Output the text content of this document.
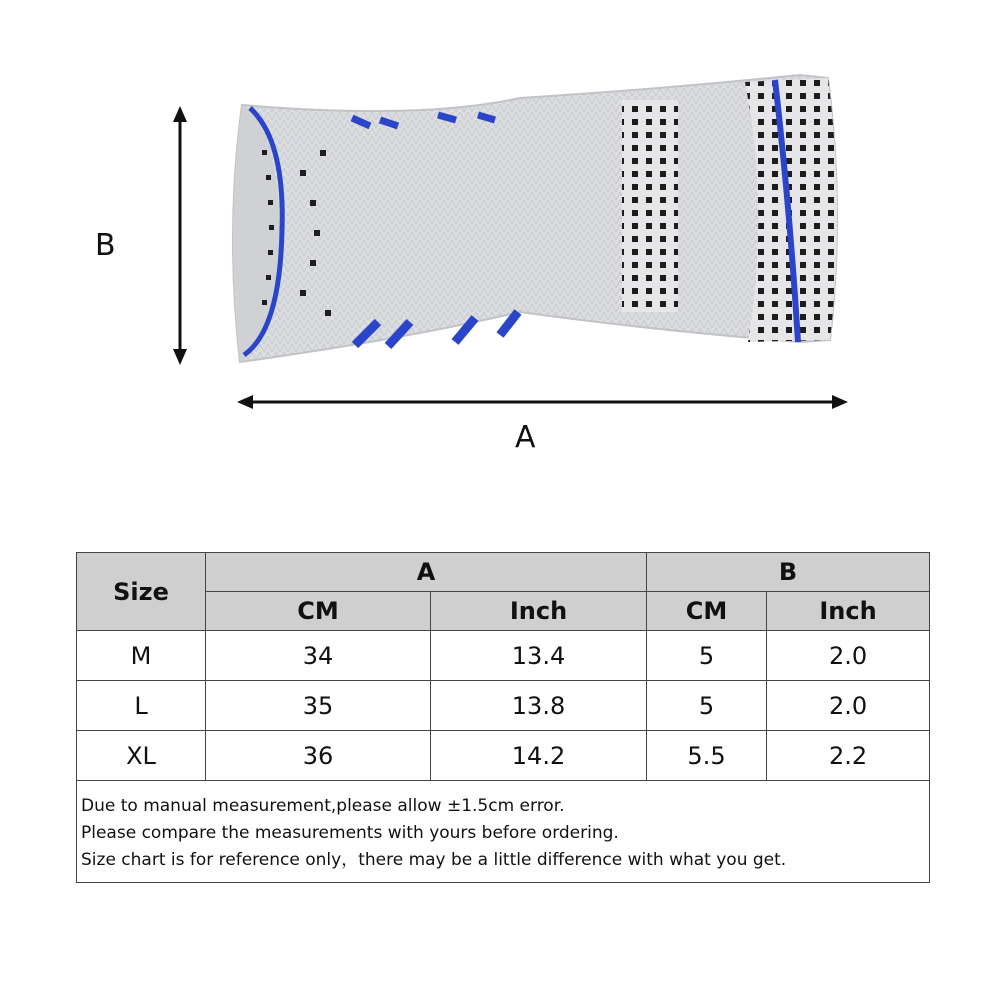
B
A
Size	A		B	
	CM	Inch	CM	Inch
M	34	13.4	5	2.0
L	35	13.8	5	2.0
XL	36	14.2	5.5	2.2

Due to manual measurement,please allow ±1.5cm error.
Please compare the measurements with yours before ordering.
Size chart is for reference only，there may be a little difference with what you get.				
